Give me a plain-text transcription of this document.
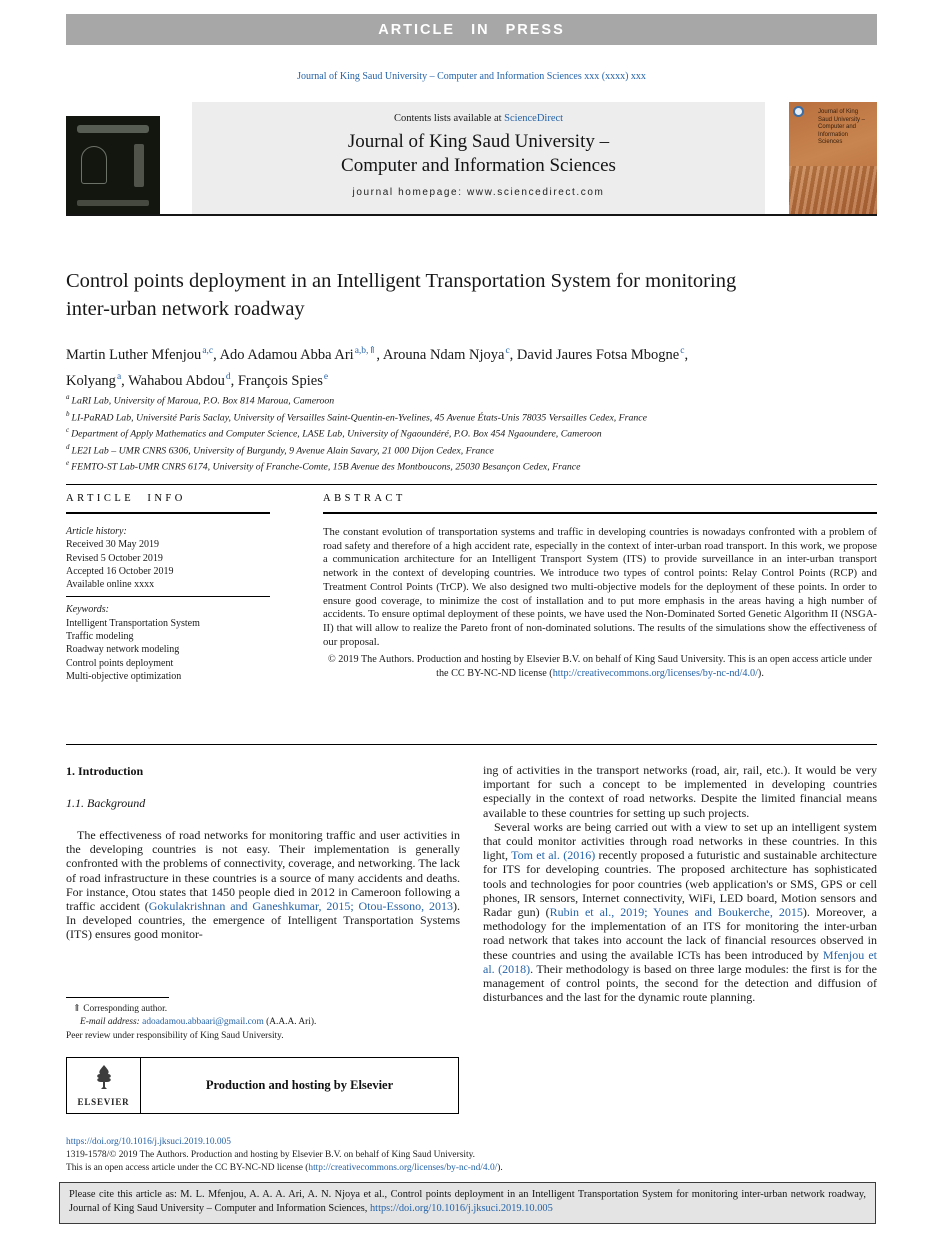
ARTICLE IN PRESS
Journal of King Saud University – Computer and Information Sciences xxx (xxxx) xxx
Contents lists available at ScienceDirect
Journal of King Saud University –
Computer and Information Sciences
journal homepage: www.sciencedirect.com
Journal of King Saud University – Computer and Information Sciences
Control points deployment in an Intelligent Transportation System for monitoring inter-urban network roadway
Martin Luther Mfenjou$^{a,c}$, Ado Adamou Abba Ari$^{a,b,⇑}$, Arouna Ndam Njoya$^c$, David Jaures Fotsa Mbogne$^c$,
Kolyang$^a$, Wahabou Abdou$^d$, François Spies$^e$
$^a$ LaRI Lab, University of Maroua, P.O. Box 814 Maroua, Cameroon
$^b$ LI-PaRAD Lab, Université Paris Saclay, University of Versailles Saint-Quentin-en-Yvelines, 45 Avenue États-Unis 78035 Versailles Cedex, France
$^c$ Department of Apply Mathematics and Computer Science, LASE Lab, University of Ngaoundéré, P.O. Box 454 Ngaoundere, Cameroon
$^d$ LE2I Lab – UMR CNRS 6306, University of Burgundy, 9 Avenue Alain Savary, 21 000 Dijon Cedex, France
$^e$ FEMTO-ST Lab-UMR CNRS 6174, University of Franche-Comte, 15B Avenue des Montboucons, 25030 Besançon Cedex, France
ARTICLE INFO	ABSTRACT
Article history:
Received 30 May 2019
Revised 5 October 2019
Accepted 16 October 2019
Available online xxxx
Keywords:
Intelligent Transportation System
Traffic modeling
Roadway network modeling
Control points deployment
Multi-objective optimization
The constant evolution of transportation systems and traffic in developing countries is nowadays confronted with a problem of road safety and therefore of a high accident rate, especially in the context of inter-urban road transport. In this work, we propose a communication architecture for an Intelligent Transport System (ITS) to provide surveillance in an inter-urban transport network in the context of developing countries. We introduce two types of control points: Relay Control Points (RCP) and Treatment Control Points (TrCP). We also designed two multi-objective models for the deployment of these points. In order to ensure good coverage, to minimize the cost of installation and to put more emphasis in the areas having a high number of accidents. To ensure optimal deployment of these points, we have used the Non-Dominated Sorted Genetic Algorithm II (NSGA-II) that will allow to realize the Pareto front of non-dominated solutions. The results of the simulations show the effectiveness of our proposal.
© 2019 The Authors. Production and hosting by Elsevier B.V. on behalf of King Saud University. This is an open access article under the CC BY-NC-ND license (http://creativecommons.org/licenses/by-nc-nd/4.0/).
1. Introduction
1.1. Background

The effectiveness of road networks for monitoring traffic and user activities in the developing countries is not easy. Their implementation is generally confronted with the problems of connectivity, coverage, and networking. The lack of road infrastructure in these countries is a source of many accidents and deaths. For instance, Otou states that 1450 people died in 2012 in Cameroon following a traffic accident (Gokulakrishnan and Ganeshkumar, 2015; Otou-Essono, 2013). In developed countries, the emergence of Intelligent Transportation Systems (ITS) ensures good monitor-

ing of activities in the transport networks (road, air, rail, etc.). It would be very important for such a concept to be implemented in developing countries especially in the context of road networks. Despite the limited financial means available to these countries for setting up such projects.

Several works are being carried out with a view to set up an intelligent system that could monitor activities through road networks in these countries. In this light, Tom et al. (2016) recently proposed a futuristic and sustainable architecture for ITS for developing countries. The proposed architecture has sophisticated tools and technologies for poor countries (web application's or SMS, GPS or cell phones, IR sensors, Internet connectivity, WiFi, LED board, Motion sensors and Radar gun) (Rubin et al., 2019; Younes and Boukerche, 2015). Moreover, a methodology for the implementation of an ITS for monitoring the inter-urban road network that takes into account the lack of financial resources observed in these countries and using the available ICTs has been introduced by Mfenjou et al. (2018). Their methodology is based on three large modules: the first is for the management of control points, the second for the detection and diffusion of disturbances and the last for the dynamic route planning.

⇑ Corresponding author.
E-mail address: adoadamou.abbaari@gmail.com (A.A.A. Ari).
Peer review under responsibility of King Saud University.
ELSEVIER
Production and hosting by Elsevier
https://doi.org/10.1016/j.jksuci.2019.10.005
1319-1578/© 2019 The Authors. Production and hosting by Elsevier B.V. on behalf of King Saud University.
This is an open access article under the CC BY-NC-ND license (http://creativecommons.org/licenses/by-nc-nd/4.0/).
Please cite this article as: M. L. Mfenjou, A. A. A. Ari, A. N. Njoya et al., Control points deployment in an Intelligent Transportation System for monitoring inter-urban network roadway, Journal of King Saud University – Computer and Information Sciences, https://doi.org/10.1016/j.jksuci.2019.10.005
